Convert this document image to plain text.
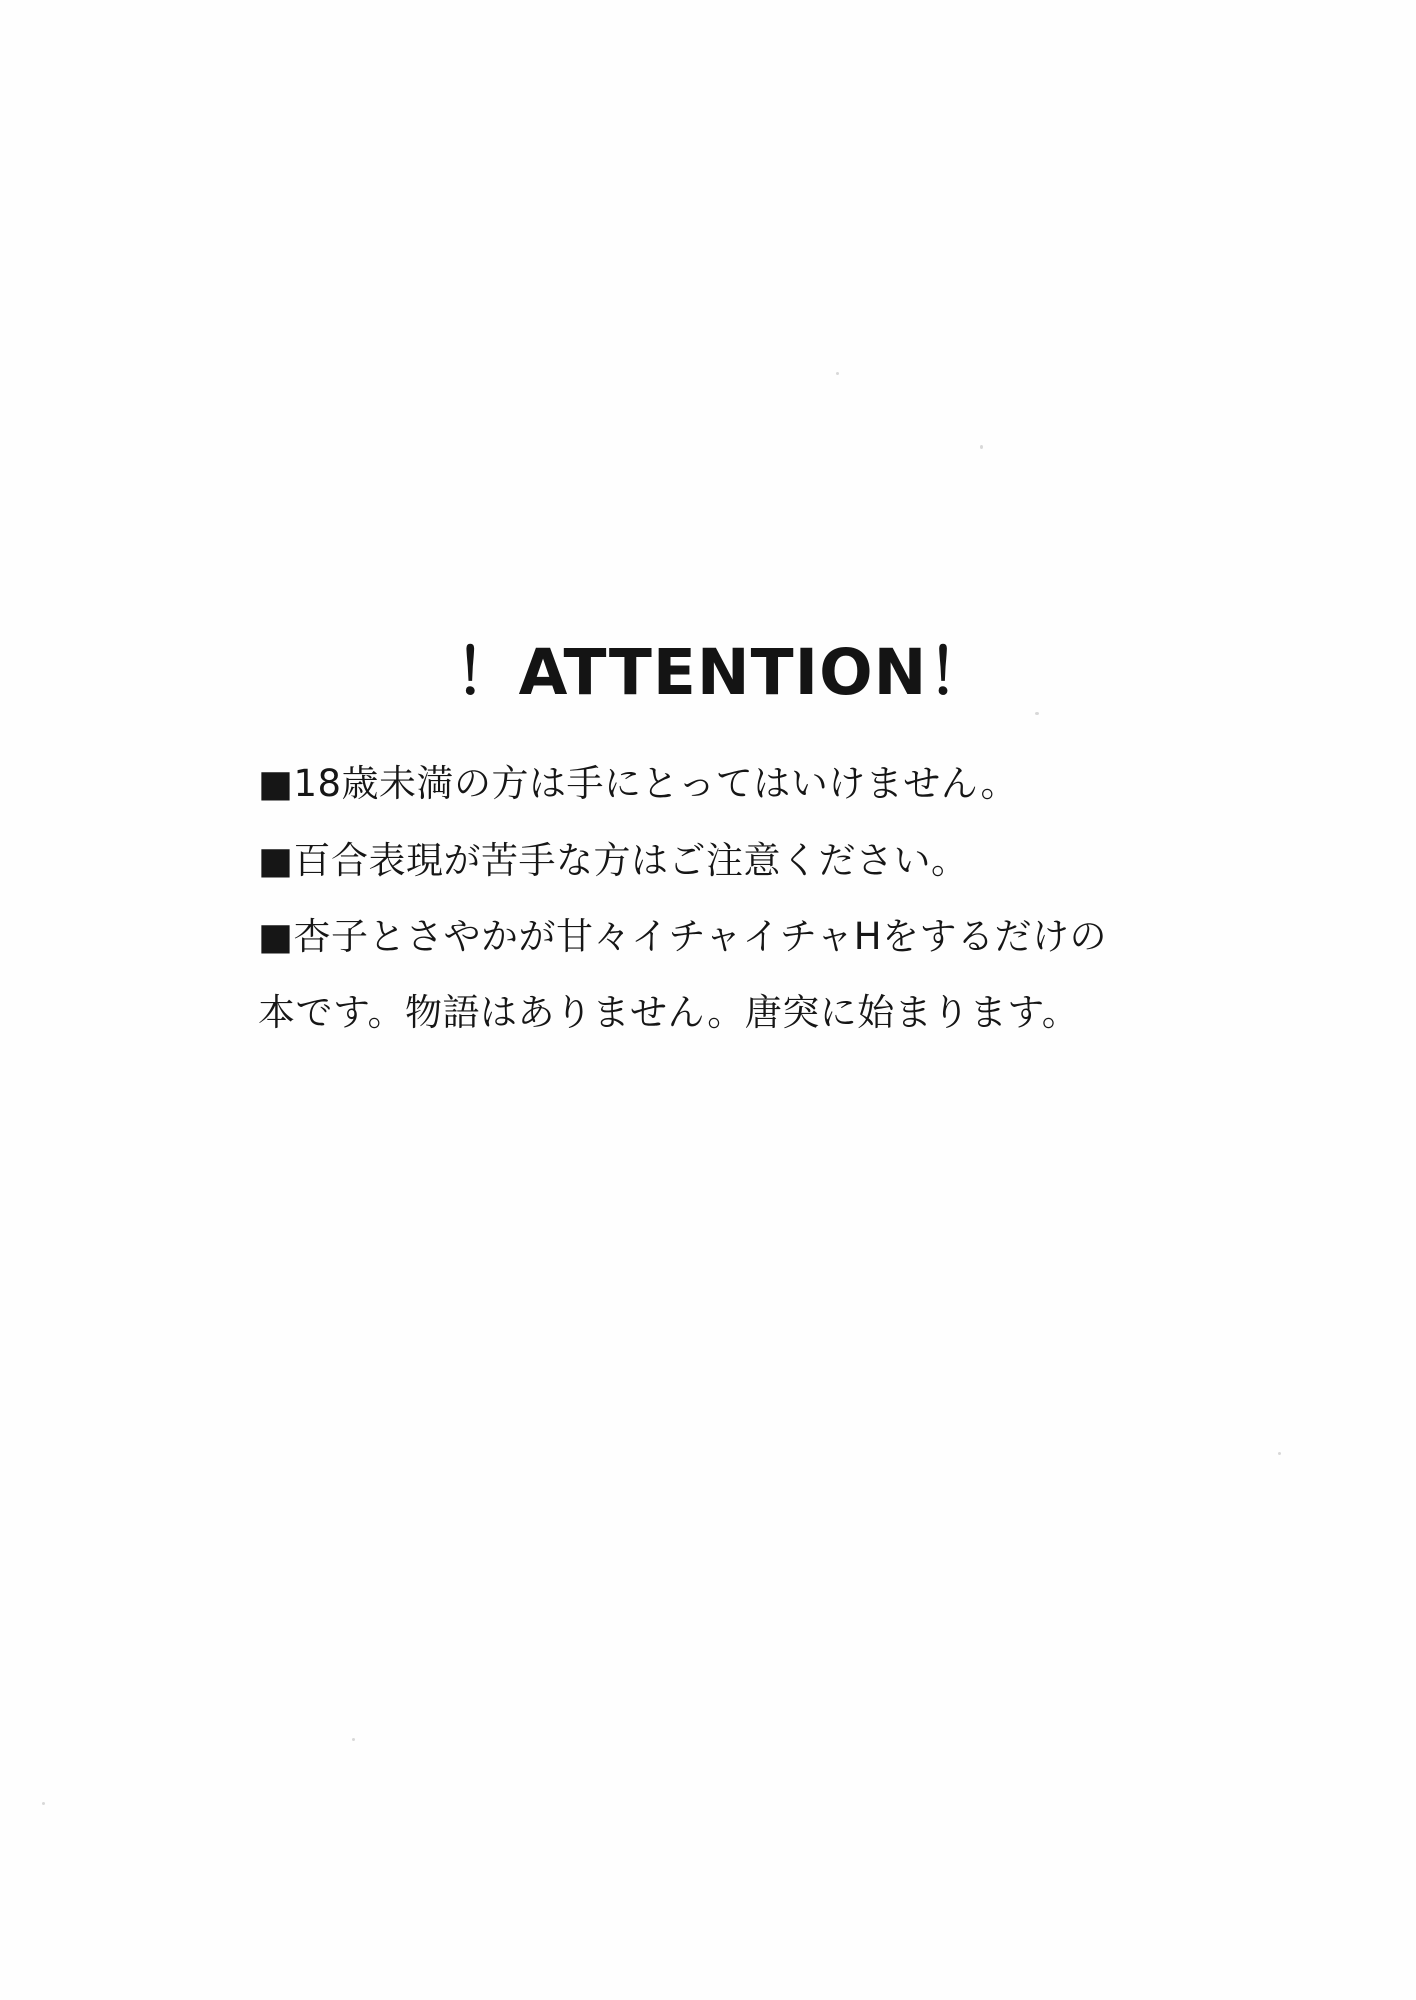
！ATTENTION！

■18歳未満の方は手にとってはいけません。

■百合表現が苦手な方はご注意ください。

■杏子とさやかが甘々イチャイチャHをするだけの

本です。物語はありません。唐突に始まります。
